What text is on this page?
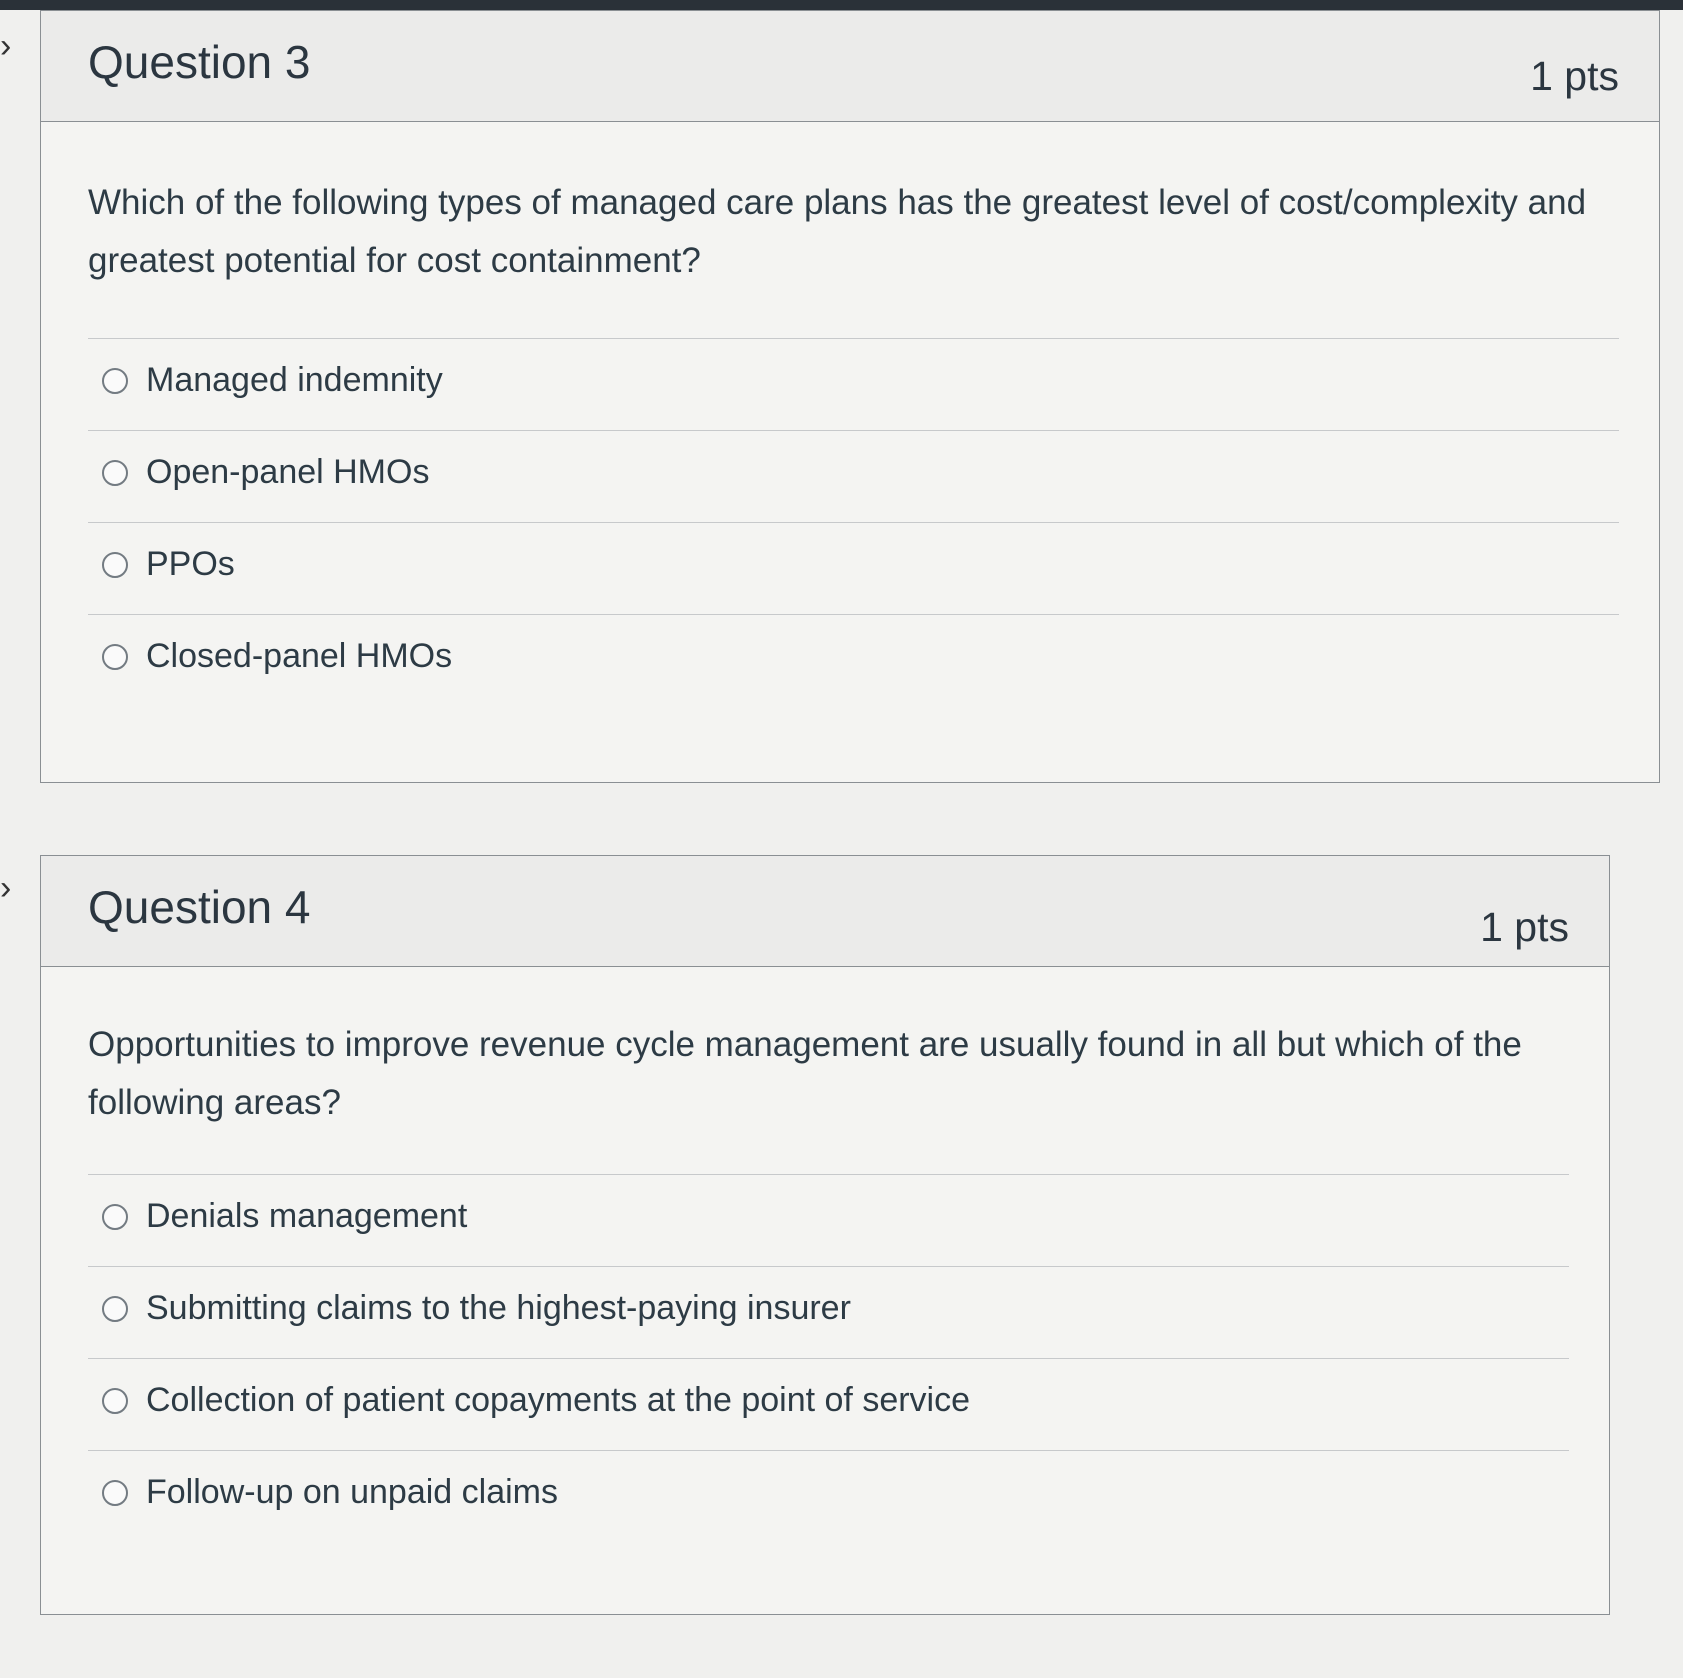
›
›
Question 3	1 pts
Which of the following types of managed care plans has the greatest level of cost/complexity and greatest potential for cost containment?
Managed indemnity
Open-panel HMOs
PPOs
Closed-panel HMOs
Question 4	1 pts
Opportunities to improve revenue cycle management are usually found in all but which of the following areas?
Denials management
Submitting claims to the highest-paying insurer
Collection of patient copayments at the point of service
Follow-up on unpaid claims
